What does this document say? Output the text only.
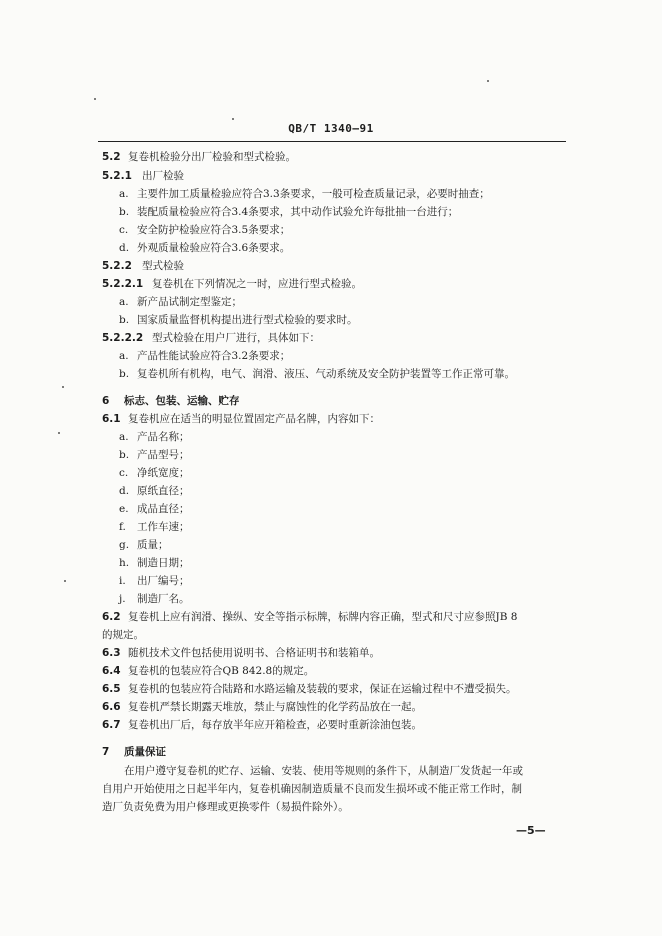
QB/T 1340—91
5.2 复卷机检验分出厂检验和型式检验。
5.2.1 出厂检验
a. 主要件加工质量检验应符合3.3条要求，一般可检查质量记录，必要时抽查；
b. 装配质量检验应符合3.4条要求，其中动作试验允许每批抽一台进行；
c. 安全防护检验应符合3.5条要求；
d. 外观质量检验应符合3.6条要求。
5.2.2 型式检验
5.2.2.1 复卷机在下列情况之一时，应进行型式检验。
a. 新产品试制定型鉴定；
b. 国家质量监督机构提出进行型式检验的要求时。
5.2.2.2 型式检验在用户厂进行，具体如下：
a. 产品性能试验应符合3.2条要求；
b. 复卷机所有机构，电气、润滑、液压、气动系统及安全防护装置等工作正常可靠。
6 标志、包装、运输、贮存
6.1 复卷机应在适当的明显位置固定产品名牌，内容如下：
a. 产品名称；
b. 产品型号；
c. 净纸宽度；
d. 原纸直径；
e. 成品直径；
f. 工作车速；
g. 质量；
h. 制造日期；
i. 出厂编号；
j. 制造厂名。
6.2 复卷机上应有润滑、操纵、安全等指示标牌，标牌内容正确，型式和尺寸应参照JB 8
的规定。
6.3 随机技术文件包括使用说明书、合格证明书和装箱单。
6.4 复卷机的包装应符合QB 842.8的规定。
6.5 复卷机的包装应符合陆路和水路运输及装载的要求，保证在运输过程中不遭受损失。
6.6 复卷机严禁长期露天堆放，禁止与腐蚀性的化学药品放在一起。
6.7 复卷机出厂后，每存放半年应开箱检查，必要时重新涂油包装。
7 质量保证
在用户遵守复卷机的贮存、运输、安装、使用等规则的条件下，从制造厂发货起一年或
自用户开始使用之日起半年内，复卷机确因制造质量不良而发生损坏或不能正常工作时，制
造厂负责免费为用户修理或更换零件（易损件除外）。
—5—
